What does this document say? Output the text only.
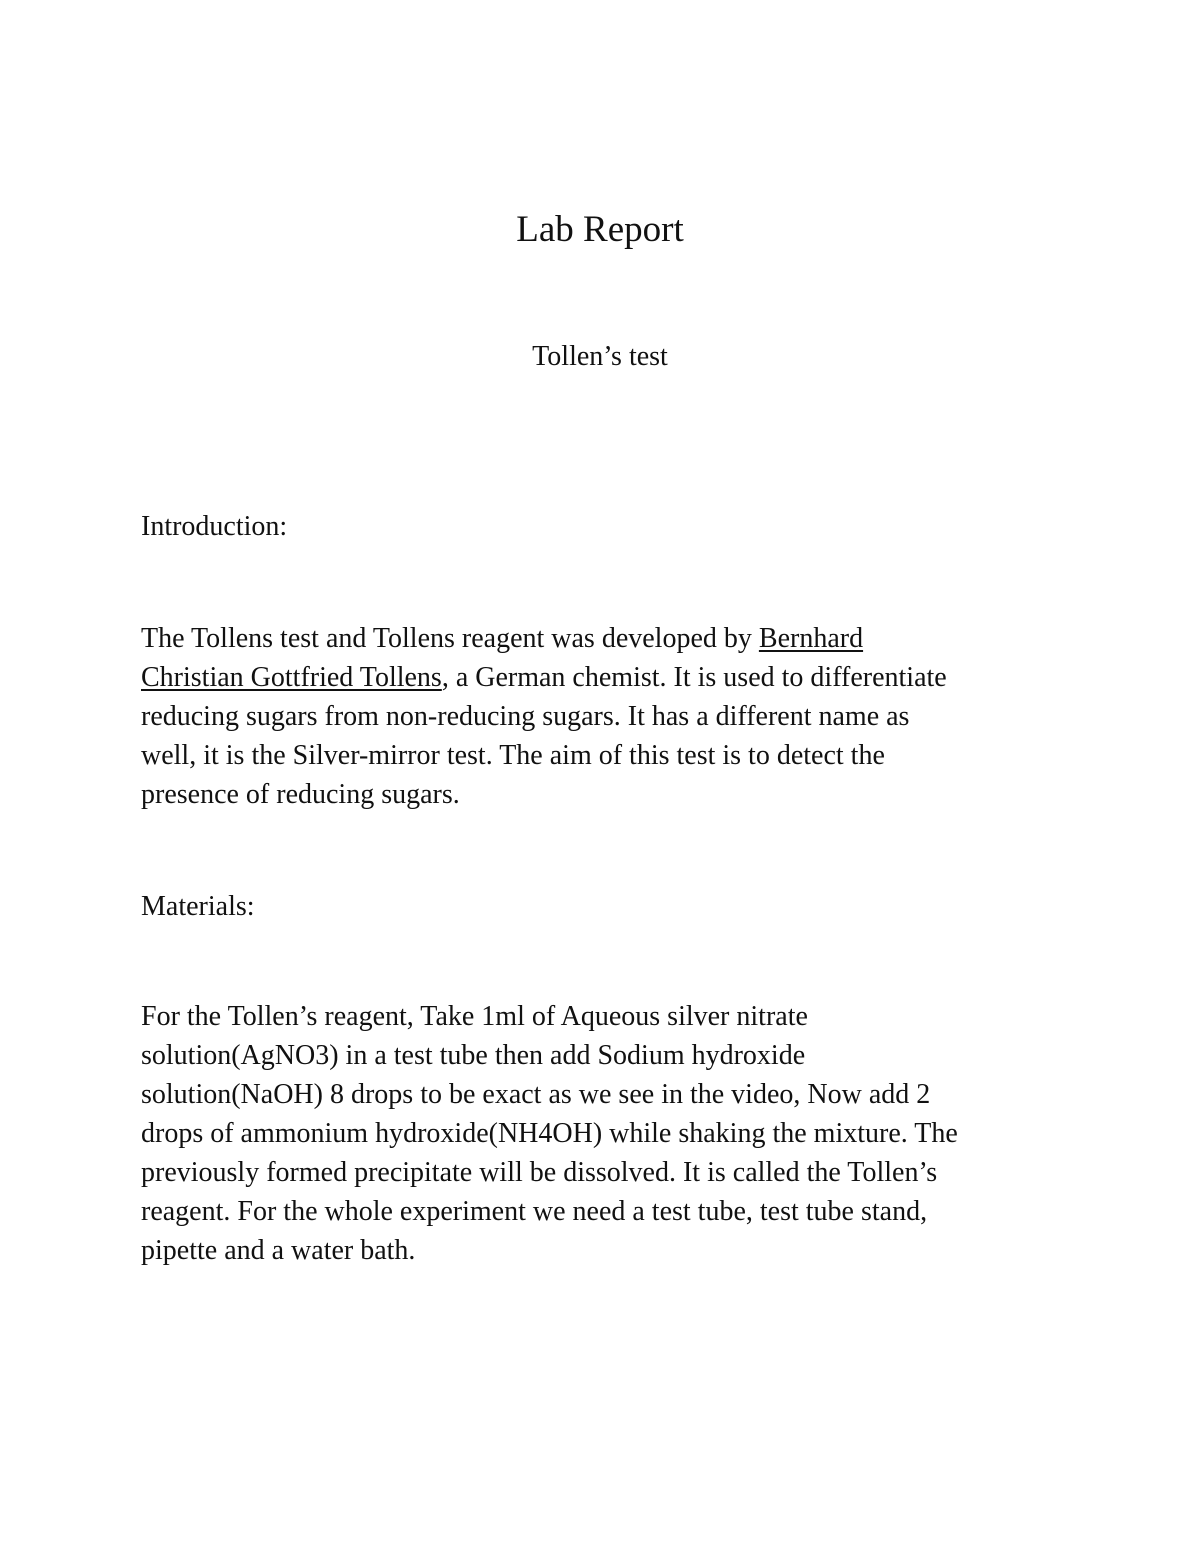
Lab Report

Tollen’s test

Introduction:

The Tollens test and Tollens reagent was developed by Bernhard
Christian Gottfried Tollens, a German chemist. It is used to differentiate
reducing sugars from non-reducing sugars. It has a different name as
well, it is the Silver-mirror test. The aim of this test is to detect the
presence of reducing sugars.

Materials:

For the Tollen’s reagent, Take 1ml of Aqueous silver nitrate
solution(AgNO3) in a test tube then add Sodium hydroxide
solution(NaOH) 8 drops to be exact as we see in the video, Now add 2
drops of ammonium hydroxide(NH4OH) while shaking the mixture. The
previously formed precipitate will be dissolved. It is called the Tollen’s
reagent. For the whole experiment we need a test tube, test tube stand,
pipette and a water bath.
